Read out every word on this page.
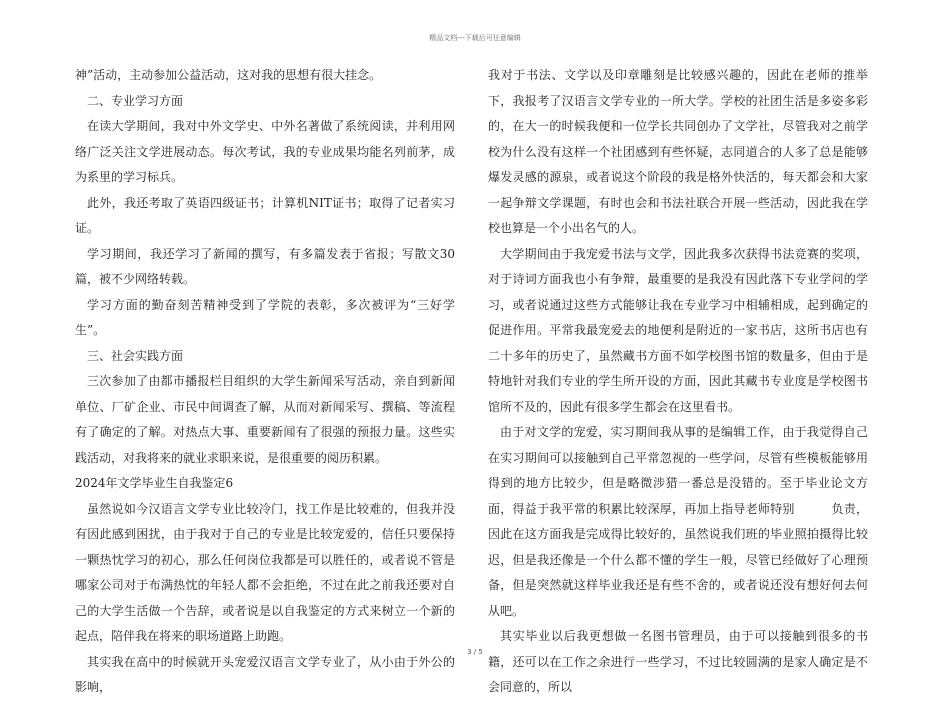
精品文档---下载后可任意编辑

神”活动，主动参加公益活动，这对我的思想有很大挂念。

二、专业学习方面

在读大学期间，我对中外文学史、中外名著做了系统阅读，并利用网络广泛关注文学进展动态。每次考试，我的专业成果均能名列前茅，成为系里的学习标兵。

此外，我还考取了英语四级证书；计算机NIT证书；取得了记者实习证。

学习期间，我还学习了新闻的撰写，有多篇发表于省报；写散文30篇，被不少网络转载。

学习方面的勤奋刻苦精神受到了学院的表彰，多次被评为“三好学生”。

三、社会实践方面

三次参加了由都市播报栏目组织的大学生新闻采写活动，亲自到新闻单位、厂矿企业、市民中间调查了解，从而对新闻采写、撰稿、等流程有了确定的了解。对热点大事、重要新闻有了很强的预报力量。这些实践活动，对我将来的就业求职来说，是很重要的阅历积累。

2024年文学毕业生自我鉴定6

虽然说如今汉语言文学专业比较冷门，找工作是比较难的，但我并没有因此感到困扰，由于我对于自己的专业是比较宠爱的，信任只要保持一颗热忱学习的初心，那么任何岗位我都是可以胜任的，或者说不管是哪家公司对于布满热忱的年轻人都不会拒绝，不过在此之前我还要对自己的大学生活做一个告辞，或者说是以自我鉴定的方式来树立一个新的起点，陪伴我在将来的职场道路上助跑。

其实我在高中的时候就开头宠爱汉语言文学专业了，从小由于外公的影响，

我对于书法、文学以及印章雕刻是比较感兴趣的，因此在老师的推举下，我报考了汉语言文学专业的一所大学。学校的社团生活是多姿多彩的，在大一的时候我便和一位学长共同创办了文学社，尽管我对之前学校为什么没有这样一个社团感到有些怀疑，志同道合的人多了总是能够爆发灵感的源泉，或者说这个阶段的我是格外快活的，每天都会和大家一起争辩文学课题，有时也会和书法社联合开展一些活动，因此我在学校也算是一个小出名气的人。

大学期间由于我宠爱书法与文学，因此我多次获得书法竞赛的奖项，对于诗词方面我也小有争辩，最重要的是我没有因此落下专业学问的学习，或者说通过这些方式能够让我在专业学习中相辅相成，起到确定的促进作用。平常我最宠爱去的地便利是附近的一家书店，这所书店也有二十多年的历史了，虽然藏书方面不如学校图书馆的数量多，但由于是特地针对我们专业的学生所开设的方面，因此其藏书专业度是学校图书馆所不及的，因此有很多学生都会在这里看书。

由于对文学的宠爱，实习期间我从事的是编辑工作，由于我觉得自己在实习期间可以接触到自己平常忽视的一些学问，尽管有些模板能够用得到的地方比较少，但是略微涉猎一番总是没错的。至于毕业论文方面，得益于我平常的积累比较深厚，再加上指导老师特别　　　负责，因此在这方面我是完成得比较好的，虽然说我们班的毕业照拍摄得比较迟，但是我还像是一个什么都不懂的学生一般，尽管已经做好了心理预备，但是突然就这样毕业我还是有些不舍的，或者说还没有想好何去何从吧。

其实毕业以后我更想做一名图书管理员，由于可以接触到很多的书籍，还可以在工作之余进行一些学习，不过比较圆满的是家人确定是不会同意的，所以

3 / 5
